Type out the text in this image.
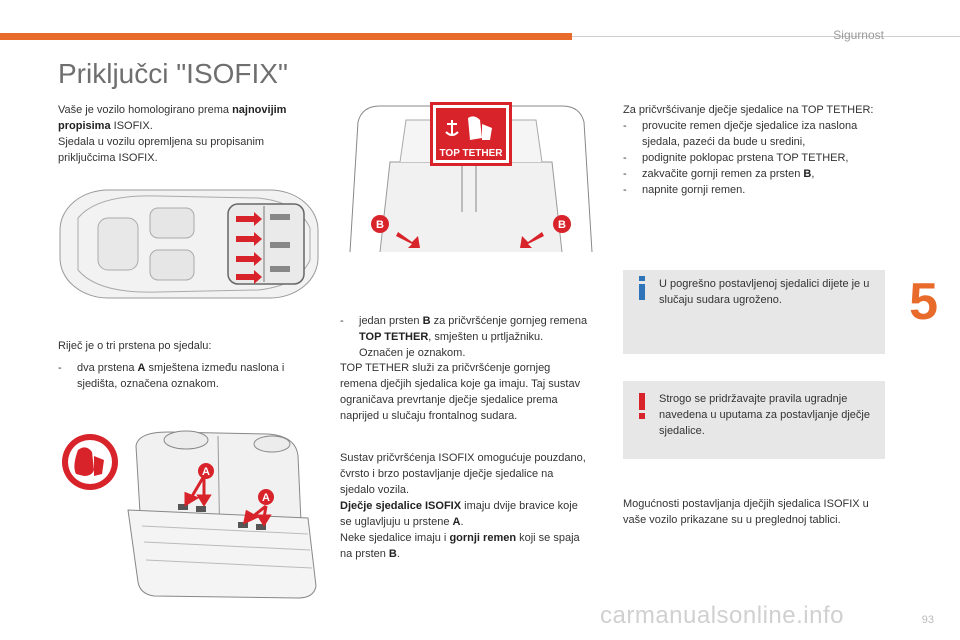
Sigurnost
Priključci "ISOFIX"
Vaše je vozilo homologirano prema najnovijim propisima ISOFIX.
Sjedala u vozilu opremljena su propisanim priključcima ISOFIX.
Riječ je o tri prstena po sjedalu:
- dva prstena A smještena između naslona i sjedišta, označena oznakom.
A
A
TOP TETHER
B	B
- jedan prsten B za pričvršćenje gornjeg remena TOP TETHER, smješten u prtljažniku.
Označen je oznakom.
TOP TETHER služi za pričvršćenje gornjeg remena dječjih sjedalica koje ga imaju. Taj sustav ograničava prevrtanje dječje sjedalice prema naprijed u slučaju frontalnog sudara.
Sustav pričvršćenja ISOFIX omogućuje pouzdano, čvrsto i brzo postavljanje dječje sjedalice na sjedalo vozila.
Dječje sjedalice ISOFIX imaju dvije bravice koje se uglavljuju u prstene A.
Neke sjedalice imaju i gornji remen koji se spaja na prsten B.
Za pričvršćivanje dječje sjedalice na TOP TETHER:
- provucite remen dječje sjedalice iza naslona sjedala, pazeći da bude u sredini,
- podignite poklopac prstena TOP TETHER,
- zakvačite gornji remen za prsten B,
- napnite gornji remen.
U pogrešno postavljenoj sjedalici dijete je u slučaju sudara ugroženo.
Strogo se pridržavajte pravila ugradnje navedena u uputama za postavljanje dječje sjedalice.
Mogućnosti postavljanja dječjih sjedalica ISOFIX u vaše vozilo prikazane su u preglednoj tablici.
5
carmanualsonline.info	93
